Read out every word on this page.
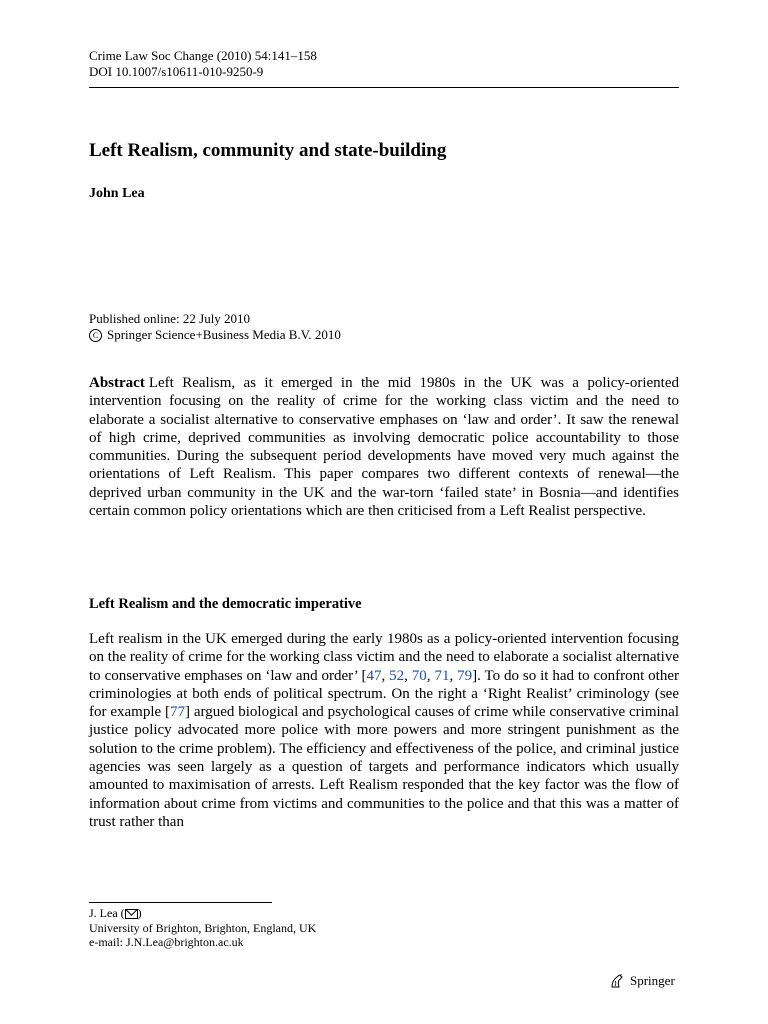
Crime Law Soc Change (2010) 54:141–158
DOI 10.1007/s10611-010-9250-9
Left Realism, community and state-building

John Lea

Published online: 22 July 2010
C Springer Science+Business Media B.V. 2010

Abstract Left Realism, as it emerged in the mid 1980s in the UK was a policy-oriented intervention focusing on the reality of crime for the working class victim and the need to elaborate a socialist alternative to conservative emphases on ‘law and order’. It saw the renewal of high crime, deprived communities as involving democratic police accountability to those communities. During the subsequent period developments have moved very much against the orientations of Left Realism. This paper compares two different contexts of renewal—the deprived urban community in the UK and the war-torn ‘failed state’ in Bosnia—and identifies certain common policy orientations which are then criticised from a Left Realist perspective.

Left Realism and the democratic imperative

Left realism in the UK emerged during the early 1980s as a policy-oriented intervention focusing on the reality of crime for the working class victim and the need to elaborate a socialist alternative to conservative emphases on ‘law and order’ [47, 52, 70, 71, 79]. To do so it had to confront other criminologies at both ends of political spectrum. On the right a ‘Right Realist’ criminology (see for example [77] argued biological and psychological causes of crime while conservative criminal justice policy advocated more police with more powers and more stringent punishment as the solution to the crime problem). The efficiency and effectiveness of the police, and criminal justice agencies was seen largely as a question of targets and performance indicators which usually amounted to maximisation of arrests. Left Realism responded that the key factor was the flow of information about crime from victims and communities to the police and that this was a matter of trust rather than

J. Lea ( )
University of Brighton, Brighton, England, UK
e-mail: J.N.Lea@brighton.ac.uk
Springer
